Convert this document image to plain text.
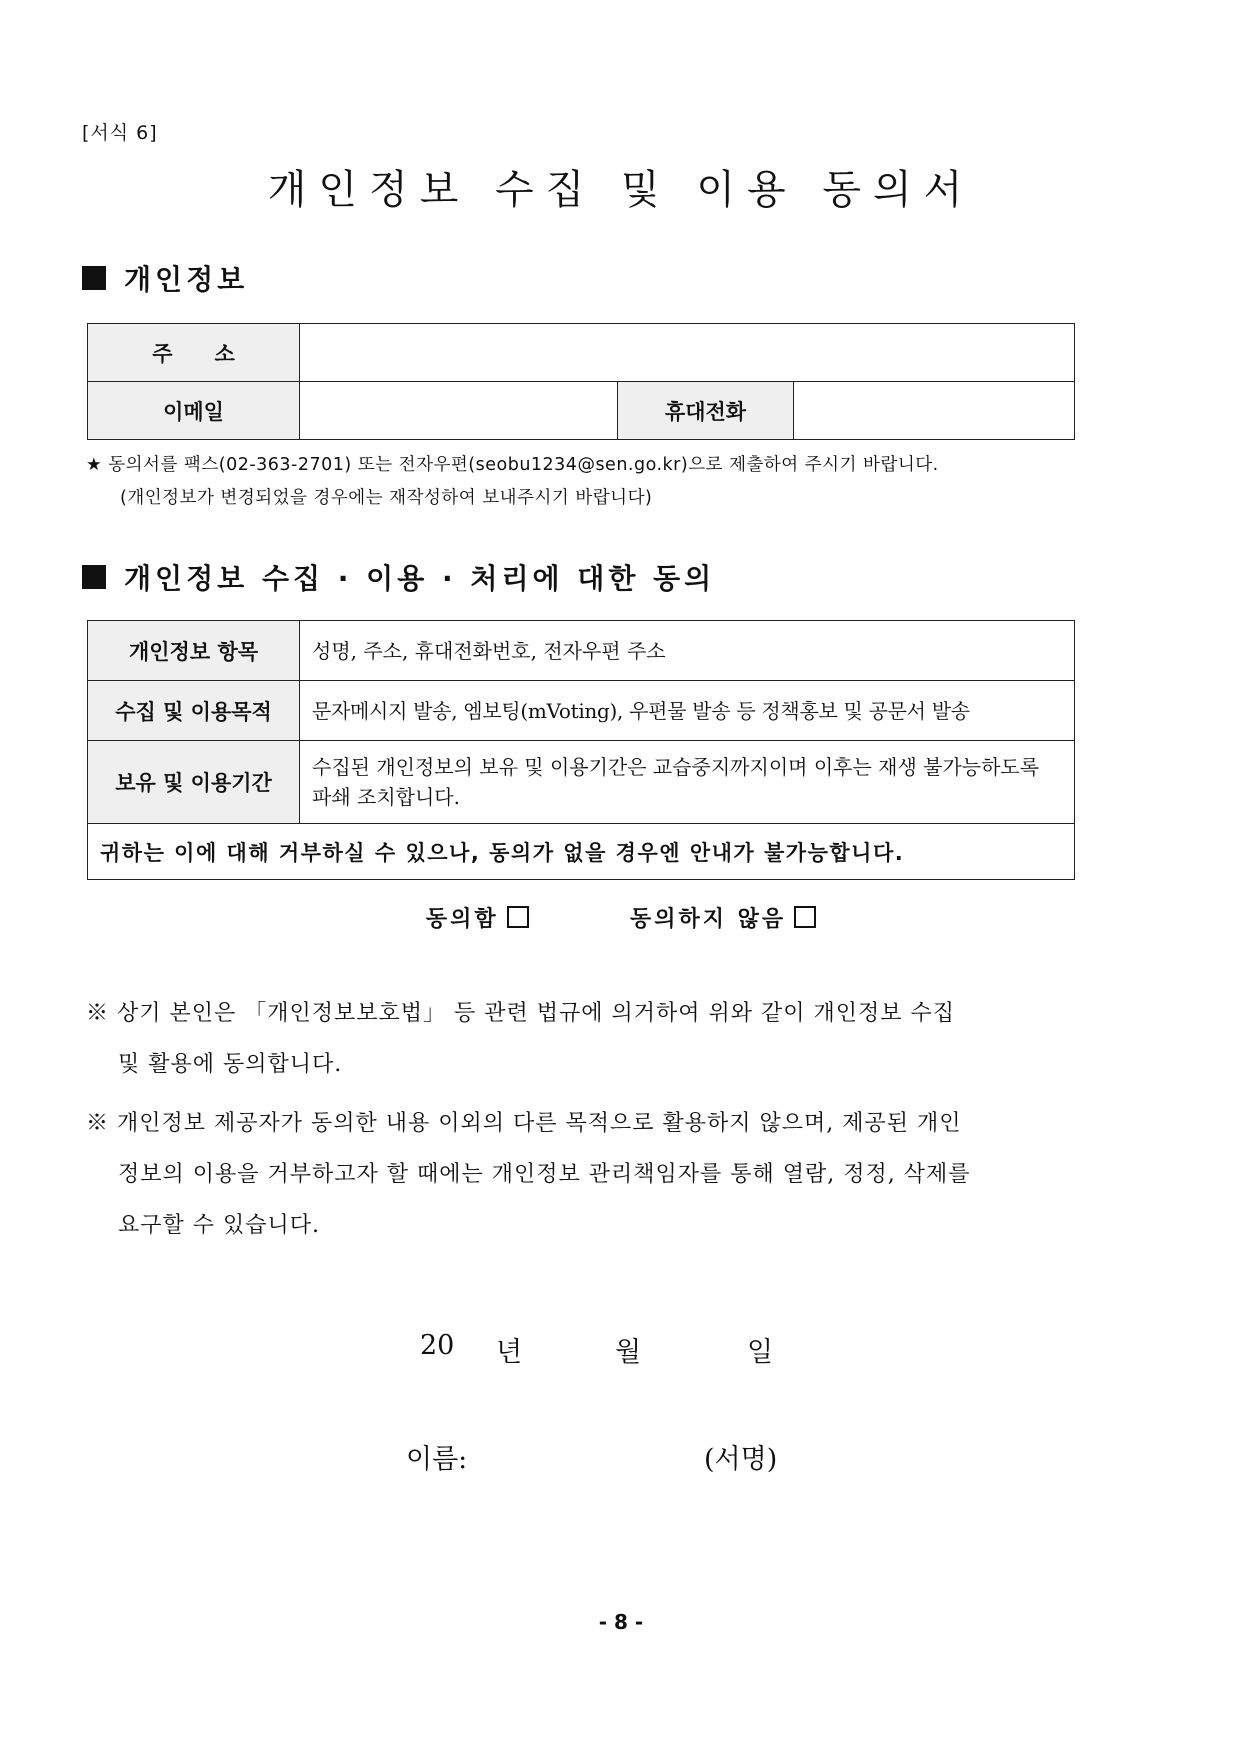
[서식 6]
개인정보 수집 및 이용 동의서
개인정보
주　　소			
이메일		휴대전화	
★ 동의서를 팩스(02-363-2701) 또는 전자우편(seobu1234@sen.go.kr)으로 제출하여 주시기 바랍니다.
(개인정보가 변경되었을 경우에는 재작성하여 보내주시기 바랍니다)
개인정보 수집 · 이용 · 처리에 대한 동의
개인정보 항목	성명, 주소, 휴대전화번호, 전자우편 주소
수집 및 이용목적	문자메시지 발송, 엠보팅(mVoting), 우편물 발송 등 정책홍보 및 공문서 발송
보유 및 이용기간	수집된 개인정보의 보유 및 이용기간은 교습중지까지이며 이후는 재생 불가능하도록 파쇄 조치합니다.
귀하는 이에 대해 거부하실 수 있으나, 동의가 없을 경우엔 안내가 불가능합니다.	
동의함	동의하지 않음
※ 상기 본인은 「개인정보보호법」 등 관련 법규에 의거하여 위와 같이 개인정보 수집
및 활용에 동의합니다.
※ 개인정보 제공자가 동의한 내용 이외의 다른 목적으로 활용하지 않으며, 제공된 개인
정보의 이용을 거부하고자 할 때에는 개인정보 관리책임자를 통해 열람, 정정, 삭제를
요구할 수 있습니다.
20 년	월	일
이름:	(서명)
- 8 -
